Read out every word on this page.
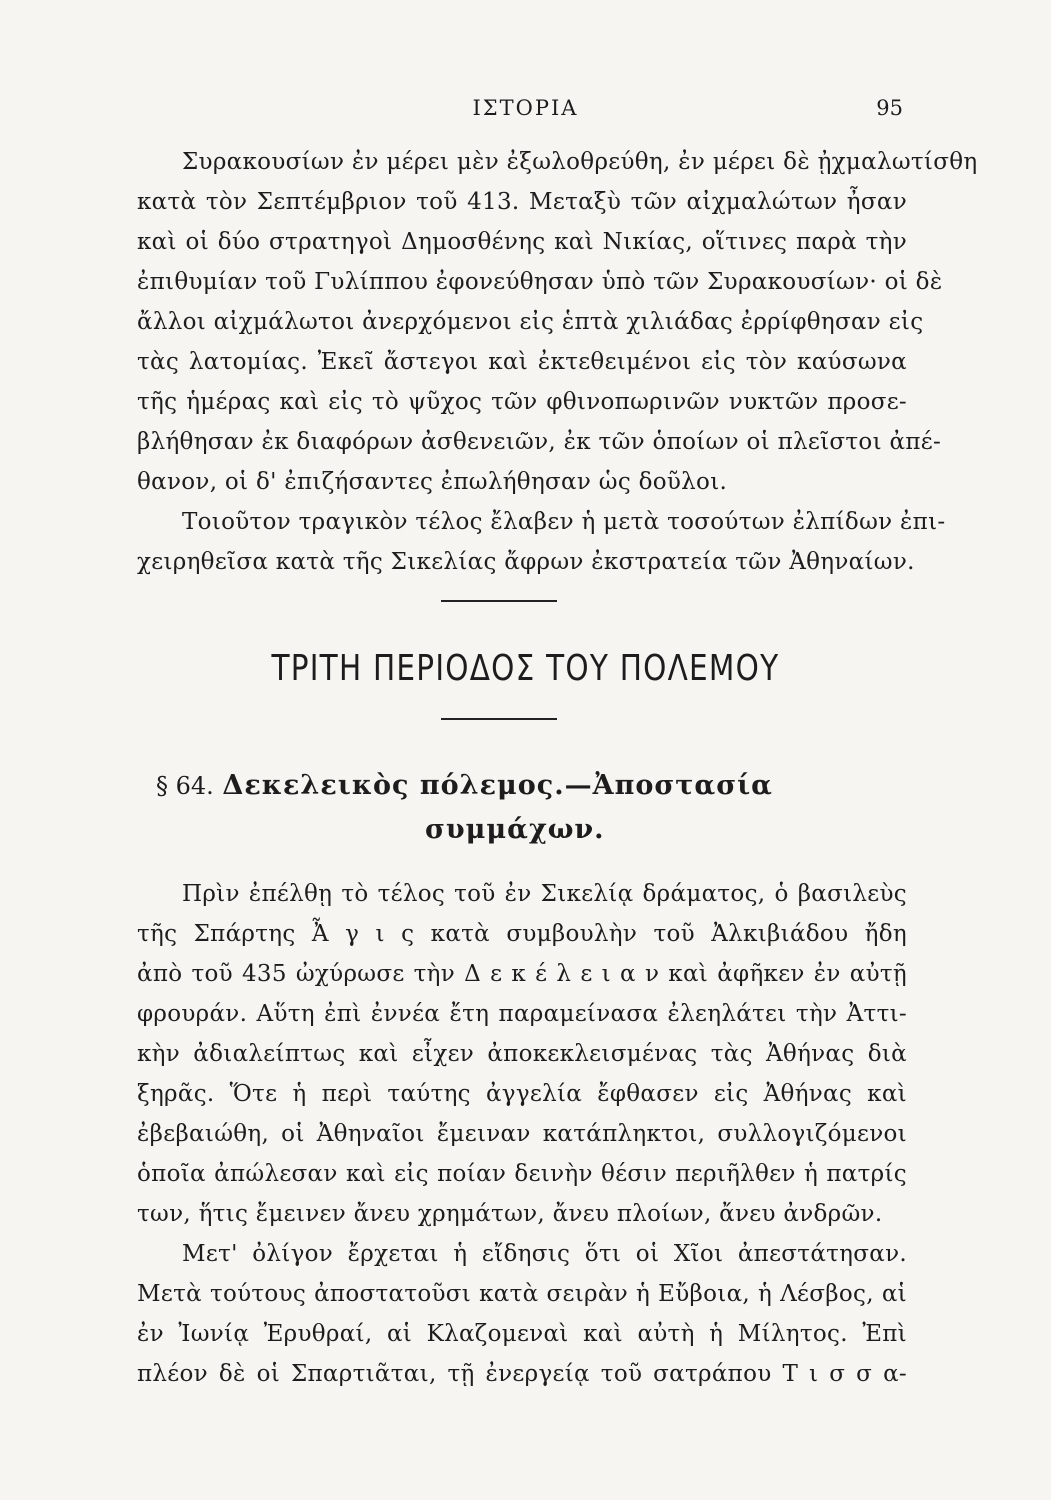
ΙΣΤΟΡΙΑ	95
Συρακουσίων ἐν μέρει μὲν ἐξωλοθρεύθη, ἐν μέρει δὲ ᾐχμαλωτίσθη
κατὰ τὸν Σεπτέμβριον τοῦ 413. Μεταξὺ τῶν αἰχμαλώτων ἦσαν
καὶ οἱ δύο στρατηγοὶ Δημοσθένης καὶ Νικίας, οἵτινες παρὰ τὴν
ἐπιθυμίαν τοῦ Γυλίππου ἐφονεύθησαν ὑπὸ τῶν Συρακουσίων· οἱ δὲ
ἄλλοι αἰχμάλωτοι ἀνερχόμενοι εἰς ἑπτὰ χιλιάδας ἐρρίφθησαν εἰς
τὰς λατομίας. Ἐκεῖ ἄστεγοι καὶ ἐκτεθειμένοι εἰς τὸν καύσωνα
τῆς ἡμέρας καὶ εἰς τὸ ψῦχος τῶν φθινοπωρινῶν νυκτῶν προσε-
βλήθησαν ἐκ διαφόρων ἀσθενειῶν, ἐκ τῶν ὁποίων οἱ πλεῖστοι ἀπέ-
θανον, οἱ δ' ἐπιζήσαντες ἐπωλήθησαν ὡς δοῦλοι.
Τοιοῦτον τραγικὸν τέλος ἔλαβεν ἡ μετὰ τοσούτων ἐλπίδων ἐπι-
χειρηθεῖσα κατὰ τῆς Σικελίας ἄφρων ἐκστρατεία τῶν Ἀθηναίων.
ΤΡΙΤΗ ΠΕΡΙΟΔΟΣ ΤΟΥ ΠΟΛΕΜΟΥ
§ 64. Δεκελεικὸς πόλεμος.—Ἀποστασία
συμμάχων.
Πρὶν ἐπέλθῃ τὸ τέλος τοῦ ἐν Σικελίᾳ δράματος, ὁ βασιλεὺς
τῆς Σπάρτης Ἆ γ ι ς κατὰ συμβουλὴν τοῦ Ἀλκιβιάδου ἤδη
ἀπὸ τοῦ 435 ὠχύρωσε τὴν Δ ε κ έ λ ε ι α ν καὶ ἀφῆκεν ἐν αὐτῇ
φρουράν. Αὕτη ἐπὶ ἐννέα ἔτη παραμείνασα ἐλεηλάτει τὴν Ἀττι-
κὴν ἀδιαλείπτως καὶ εἶχεν ἀποκεκλεισμένας τὰς Ἀθήνας διὰ
ξηρᾶς. Ὅτε ἡ περὶ ταύτης ἀγγελία ἔφθασεν εἰς Ἀθήνας καὶ
ἐβεβαιώθη, οἱ Ἀθηναῖοι ἔμειναν κατάπληκτοι, συλλογιζόμενοι
ὁποῖα ἀπώλεσαν καὶ εἰς ποίαν δεινὴν θέσιν περιῆλθεν ἡ πατρίς
των, ἥτις ἔμεινεν ἄνευ χρημάτων, ἄνευ πλοίων, ἄνευ ἀνδρῶν.
Μετ' ὀλίγον ἔρχεται ἡ εἴδησις ὅτι οἱ Χῖοι ἀπεστάτησαν.
Μετὰ τούτους ἀποστατοῦσι κατὰ σειρὰν ἡ Εὔβοια, ἡ Λέσβος, αἱ
ἐν Ἰωνίᾳ Ἐρυθραί, αἱ Κλαζομεναὶ καὶ αὐτὴ ἡ Μίλητος. Ἐπὶ
πλέον δὲ οἱ Σπαρτιᾶται, τῇ ἐνεργείᾳ τοῦ σατράπου Τ ι σ σ α-
